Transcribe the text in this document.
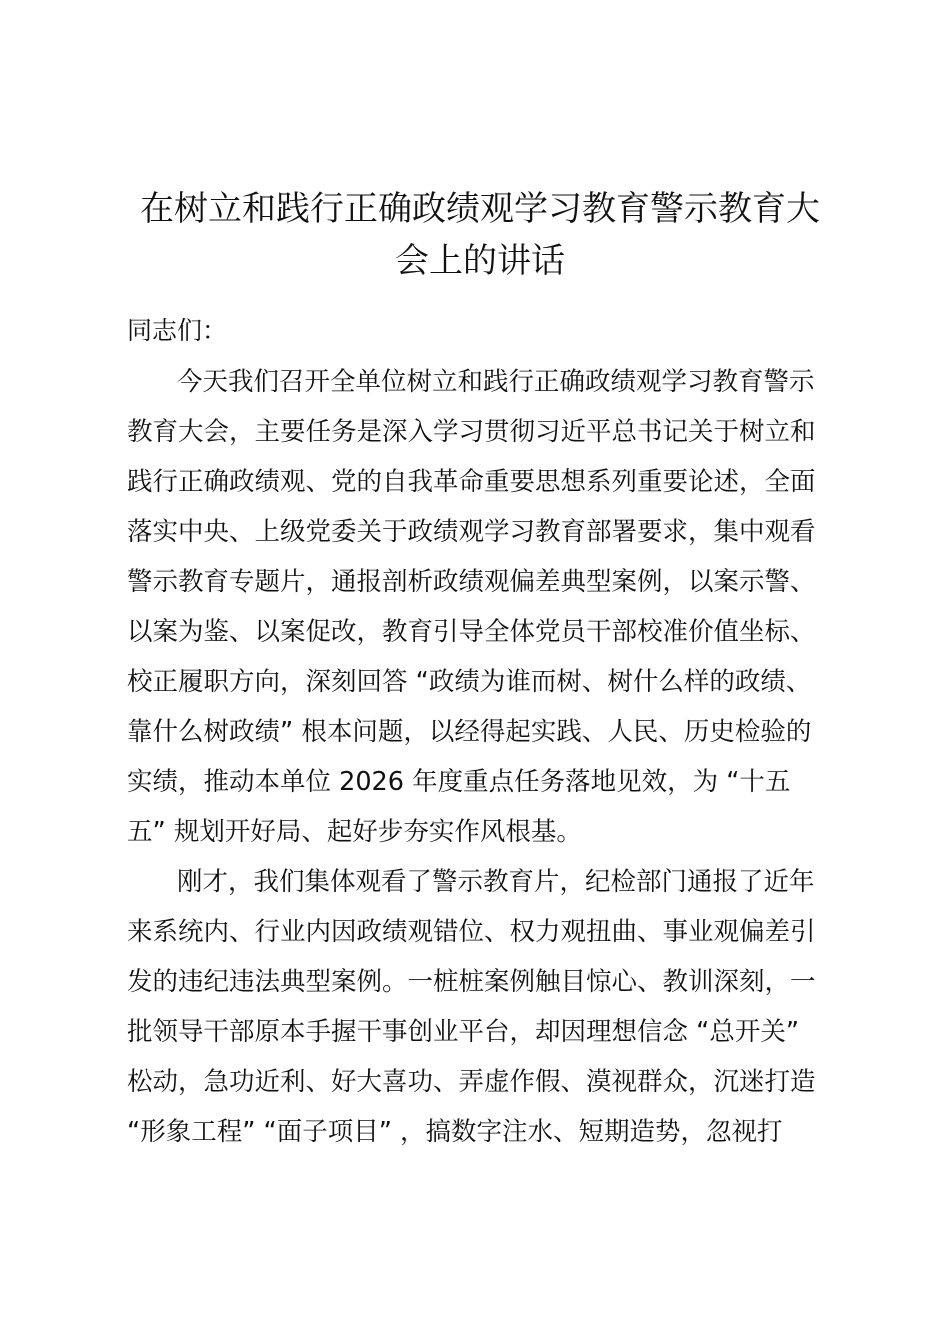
在树立和践行正确政绩观学习教育警示教育大
会上的讲话

同志们：

今天我们召开全单位树立和践行正确政绩观学习教育警示

教育大会，主要任务是深入学习贯彻习近平总书记关于树立和

践行正确政绩观、党的自我革命重要思想系列重要论述，全面

落实中央、上级党委关于政绩观学习教育部署要求，集中观看

警示教育专题片，通报剖析政绩观偏差典型案例，以案示警、

以案为鉴、以案促改，教育引导全体党员干部校准价值坐标、

校正履职方向，深刻回答 “政绩为谁而树、树什么样的政绩、

靠什么树政绩” 根本问题，以经得起实践、人民、历史检验的

实绩，推动本单位 2026 年度重点任务落地见效，为 “十五

五” 规划开好局、起好步夯实作风根基。

刚才，我们集体观看了警示教育片，纪检部门通报了近年

来系统内、行业内因政绩观错位、权力观扭曲、事业观偏差引

发的违纪违法典型案例。一桩桩案例触目惊心、教训深刻，一

批领导干部原本手握干事创业平台，却因理想信念 “总开关”

松动，急功近利、好大喜功、弄虚作假、漠视群众，沉迷打造

“形象工程” “面子项目” ，搞数字注水、短期造势，忽视打
